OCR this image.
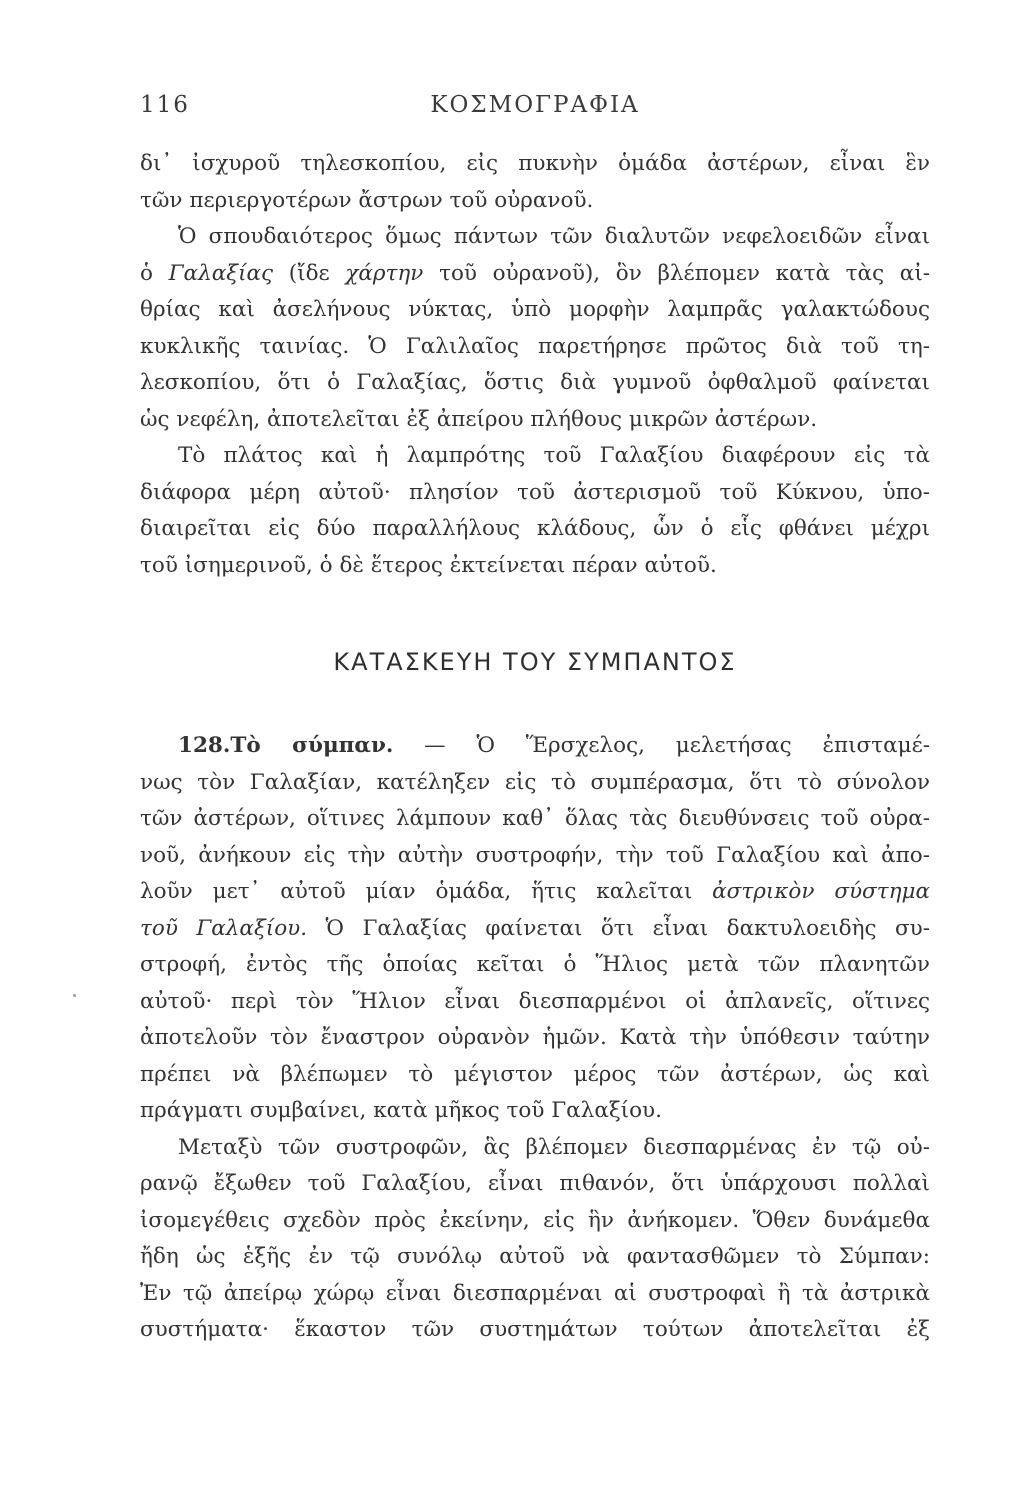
116	ΚΟΣΜΟΓΡΑΦΙΑ
δι᾽ ἰσχυροῦ τηλεσκοπίου, εἰς πυκνὴν ὁμάδα ἀστέρων, εἶναι ἓν
τῶν περιεργοτέρων ἄστρων τοῦ οὐρανοῦ.
Ὁ σπουδαιότερος ὅμως πάντων τῶν διαλυτῶν νεφελοειδῶν εἶναι
ὁ Γαλαξίας (ἴδε χάρτην τοῦ οὐρανοῦ), ὃν βλέπομεν κατὰ τὰς αἰ-
θρίας καὶ ἀσελήνους νύκτας, ὑπὸ μορφὴν λαμπρᾶς γαλακτώδους
κυκλικῆς ταινίας. Ὁ Γαλιλαῖος παρετήρησε πρῶτος διὰ τοῦ τη-
λεσκοπίου, ὅτι ὁ Γαλαξίας, ὅστις διὰ γυμνοῦ ὀφθαλμοῦ φαίνεται
ὡς νεφέλη, ἀποτελεῖται ἐξ ἀπείρου πλήθους μικρῶν ἀστέρων.
Τὸ πλάτος καὶ ἡ λαμπρότης τοῦ Γαλαξίου διαφέρουν εἰς τὰ
διάφορα μέρη αὐτοῦ· πλησίον τοῦ ἀστερισμοῦ τοῦ Κύκνου, ὑπο-
διαιρεῖται εἰς δύο παραλλήλους κλάδους, ὧν ὁ εἷς φθάνει μέχρι
τοῦ ἰσημερινοῦ, ὁ δὲ ἕτερος ἐκτείνεται πέραν αὐτοῦ.
ΚΑΤΑΣΚΕΥΗ ΤΟΥ ΣΥΜΠΑΝΤΟΣ
128.Τὸ σύμπαν. — Ὁ Ἕρσχελος, μελετήσας ἐπισταμέ-
νως τὸν Γαλαξίαν, κατέληξεν εἰς τὸ συμπέρασμα, ὅτι τὸ σύνολον
τῶν ἀστέρων, οἵτινες λάμπουν καθ᾽ ὅλας τὰς διευθύνσεις τοῦ οὐρα-
νοῦ, ἀνήκουν εἰς τὴν αὐτὴν συστροφήν, τὴν τοῦ Γαλαξίου καὶ ἀπο-
λοῦν μετ᾽ αὐτοῦ μίαν ὁμάδα, ἥτις καλεῖται ἀστρικὸν σύστημα
τοῦ Γαλαξίου. Ὁ Γαλαξίας φαίνεται ὅτι εἶναι δακτυλοειδὴς συ-
στροφή, ἐντὸς τῆς ὁποίας κεῖται ὁ Ἥλιος μετὰ τῶν πλανητῶν
αὐτοῦ· περὶ τὸν Ἥλιον εἶναι διεσπαρμένοι οἱ ἀπλανεῖς, οἵτινες
ἀποτελοῦν τὸν ἔναστρον οὐρανὸν ἡμῶν. Κατὰ τὴν ὑπόθεσιν ταύτην
πρέπει νὰ βλέπωμεν τὸ μέγιστον μέρος τῶν ἀστέρων, ὡς καὶ
πράγματι συμβαίνει, κατὰ μῆκος τοῦ Γαλαξίου.
Μεταξὺ τῶν συστροφῶν, ἃς βλέπομεν διεσπαρμένας ἐν τῷ οὐ-
ρανῷ ἔξωθεν τοῦ Γαλαξίου, εἶναι πιθανόν, ὅτι ὑπάρχουσι πολλαὶ
ἰσομεγέθεις σχεδὸν πρὸς ἐκείνην, εἰς ἣν ἀνήκομεν. Ὅθεν δυνάμεθα
ἤδη ὡς ἑξῆς ἐν τῷ συνόλῳ αὐτοῦ νὰ φαντασθῶμεν τὸ Σύμπαν:
Ἐν τῷ ἀπείρῳ χώρῳ εἶναι διεσπαρμέναι αἱ συστροφαὶ ἢ τὰ ἀστρικὰ
συστήματα· ἕκαστον τῶν συστημάτων τούτων ἀποτελεῖται ἐξ
